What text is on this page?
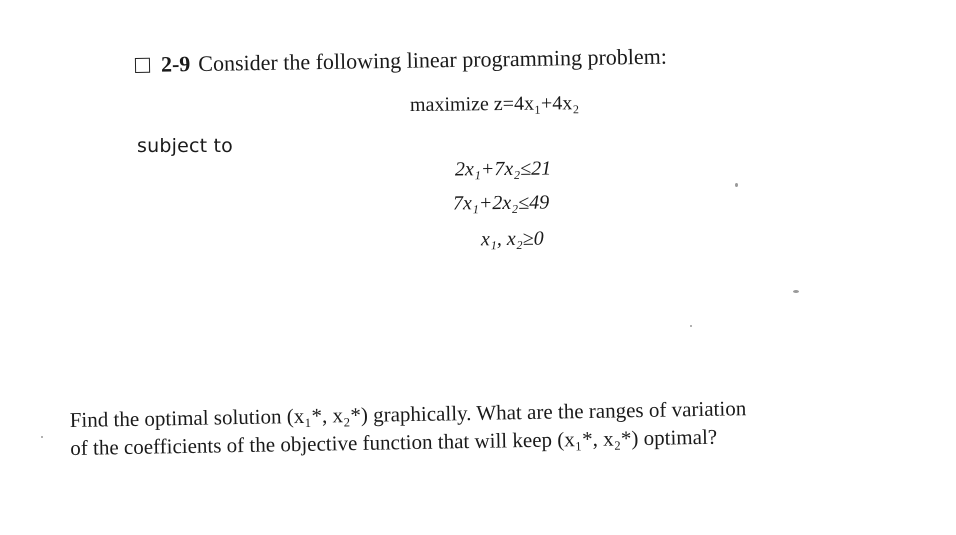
2-9 Consider the following linear programming problem:
maximize z=4x₁+4x₂
subject to
2x₁+7x₂≤21
7x₁+2x₂≤49
x₁, x₂≥0
Find the optimal solution (x₁*, x₂*) graphically. What are the ranges of variation
of the coefficients of the objective function that will keep (x₁*, x₂*) optimal?
